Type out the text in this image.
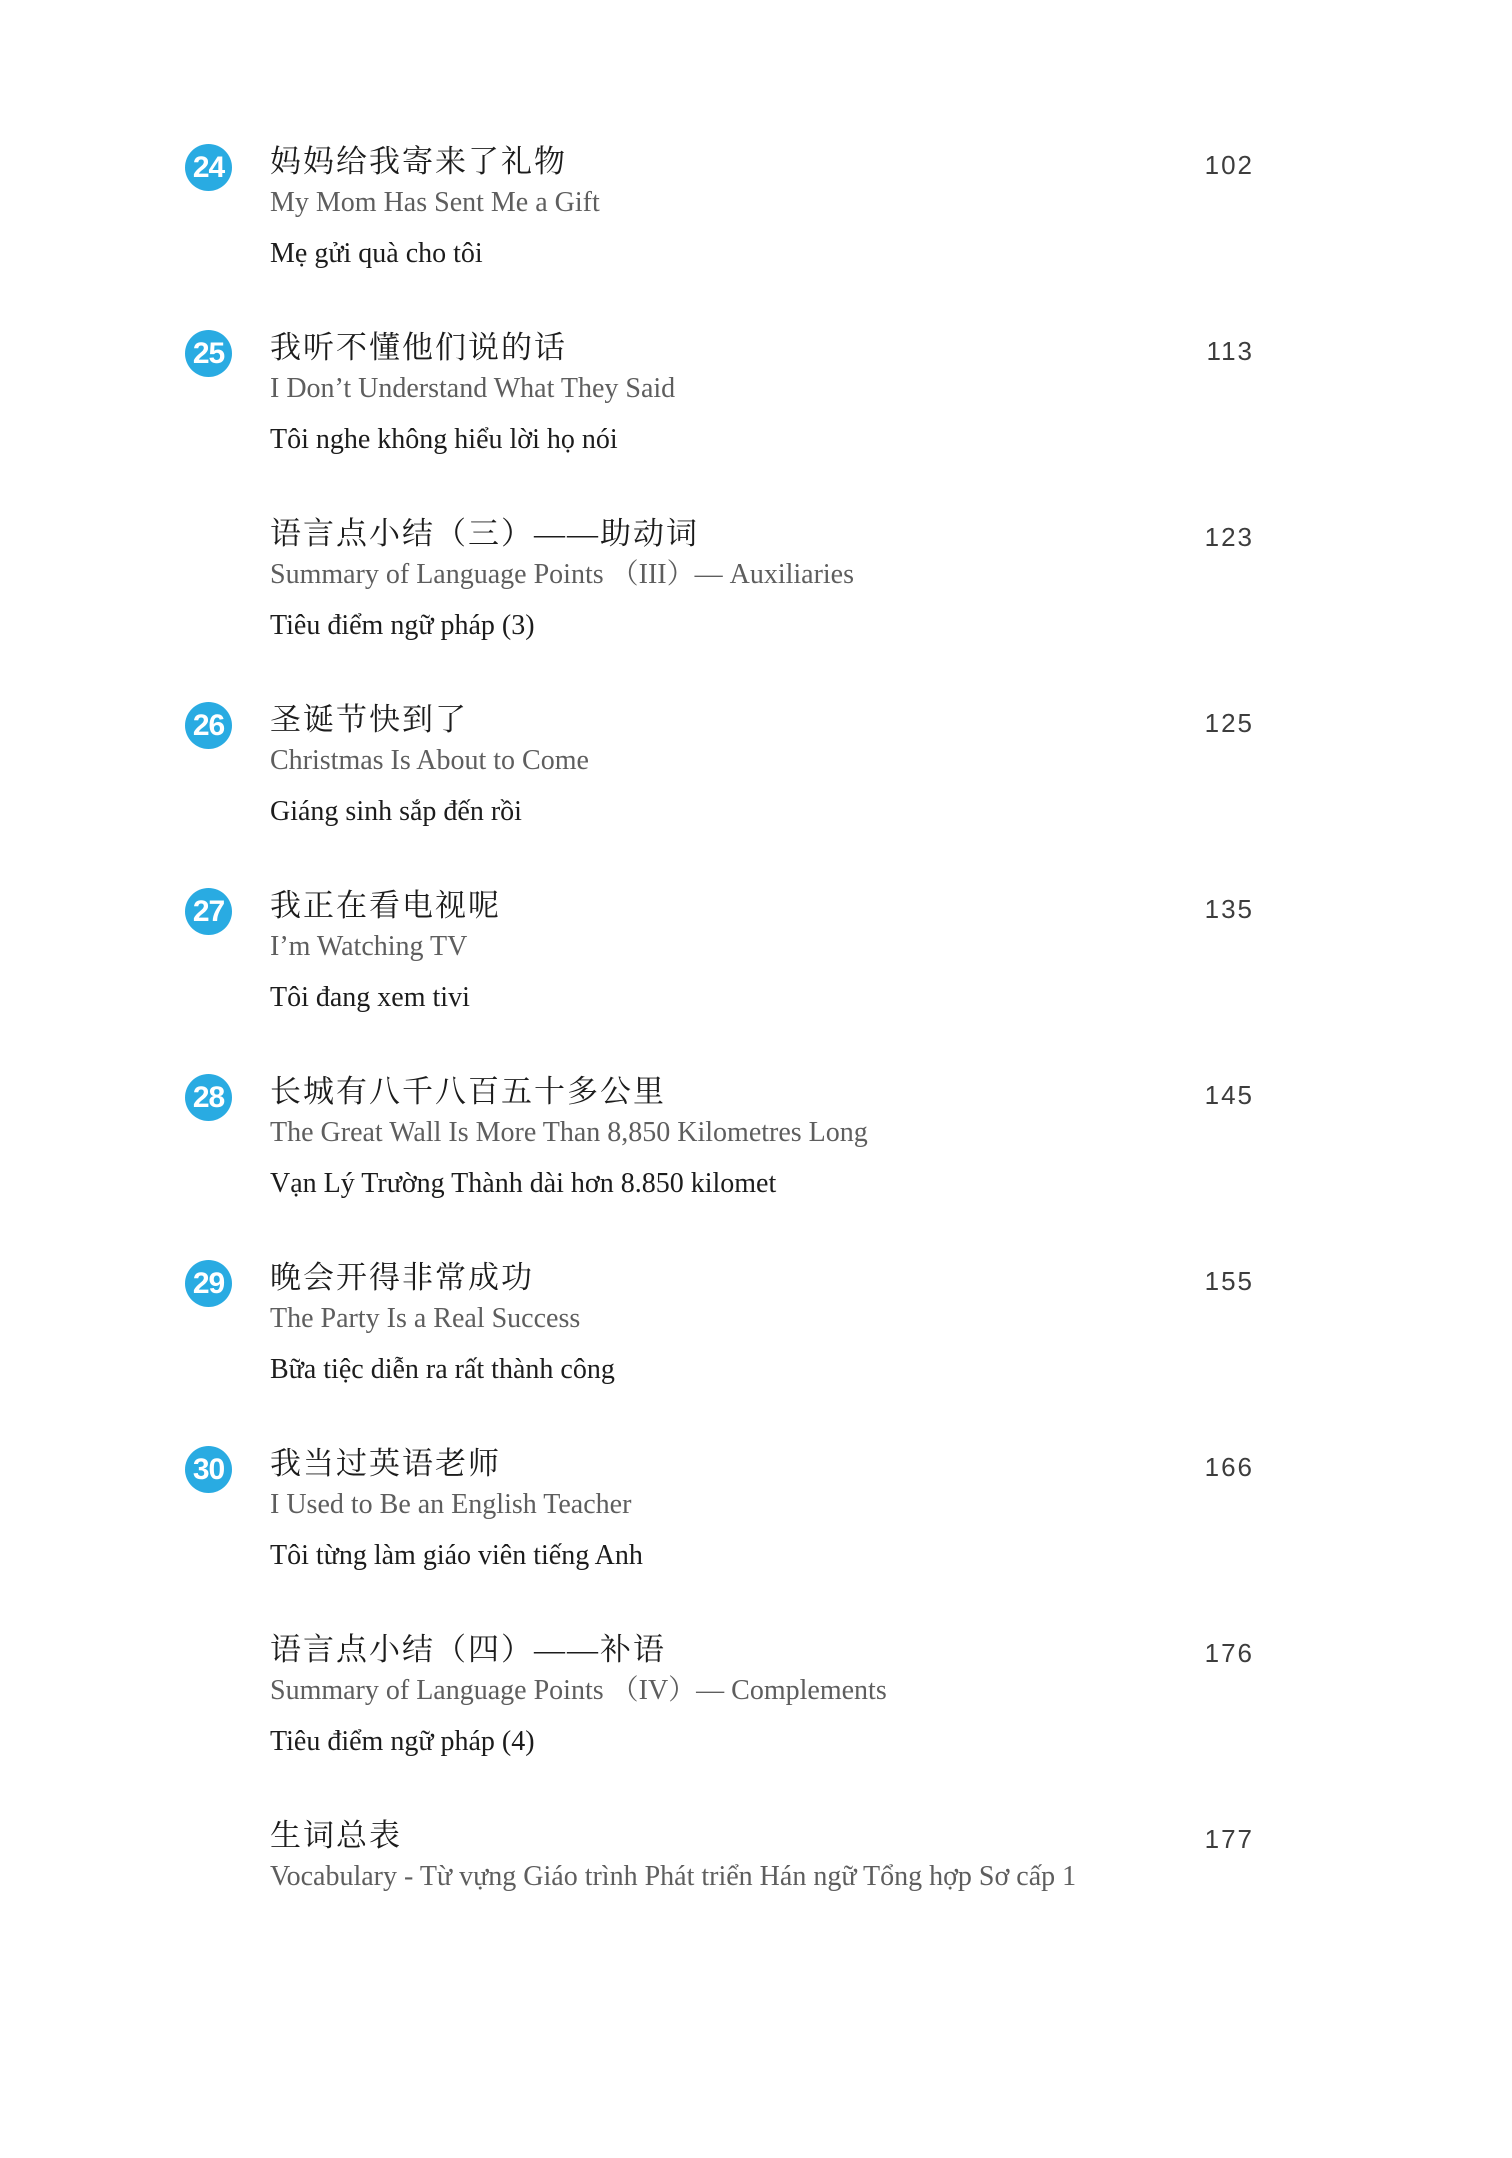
24 妈妈给我寄来了礼物
My Mom Has Sent Me a Gift
Mẹ gửi quà cho tôi
102
25 我听不懂他们说的话
I Don’t Understand What They Said
Tôi nghe không hiểu lời họ nói
113
语言点小结（三）——助动词
Summary of Language Points （III）— Auxiliaries
Tiêu điểm ngữ pháp (3)
123
26 圣诞节快到了
Christmas Is About to Come
Giáng sinh sắp đến rồi
125
27 我正在看电视呢
I’m Watching TV
Tôi đang xem tivi
135
28 长城有八千八百五十多公里
The Great Wall Is More Than 8,850 Kilometres Long
Vạn Lý Trường Thành dài hơn 8.850 kilomet
145
29 晚会开得非常成功
The Party Is a Real Success
Bữa tiệc diễn ra rất thành công
155
30 我当过英语老师
I Used to Be an English Teacher
Tôi từng làm giáo viên tiếng Anh
166
语言点小结（四）——补语
Summary of Language Points （IV）— Complements
Tiêu điểm ngữ pháp (4)
176
生词总表
Vocabulary - Từ vựng Giáo trình Phát triển Hán ngữ Tổng hợp Sơ cấp 1
177
